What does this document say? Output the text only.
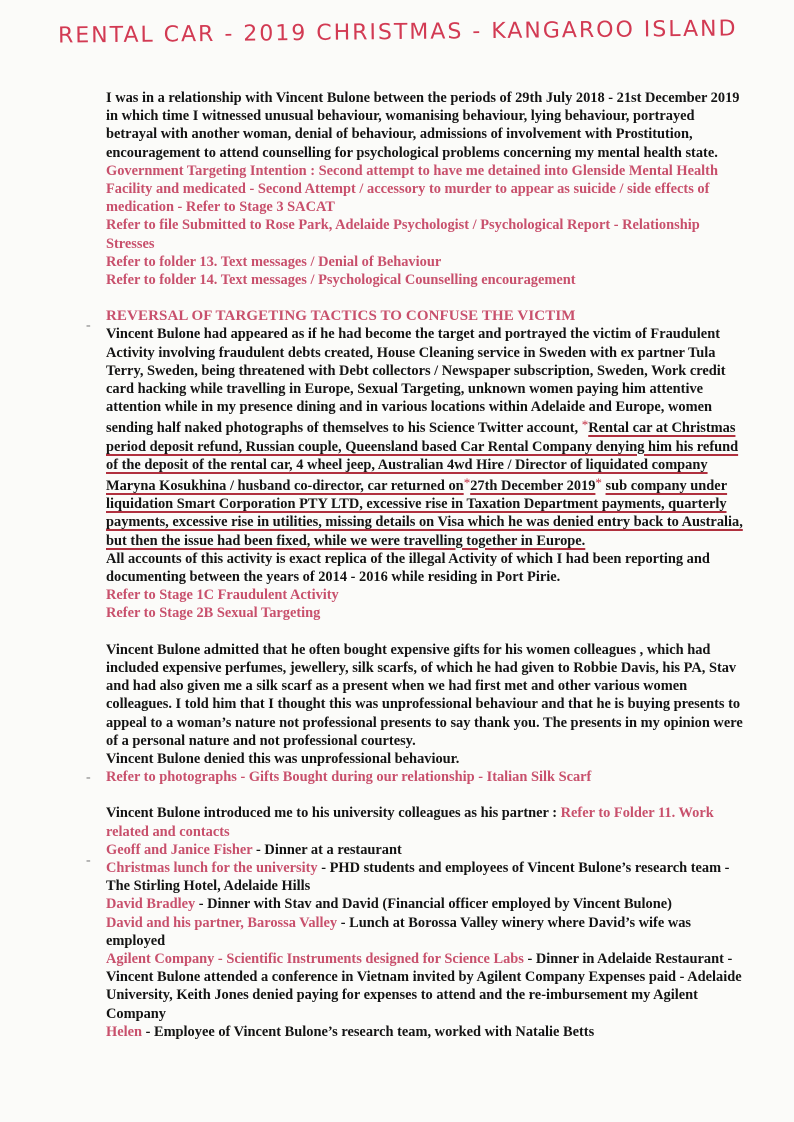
RENTAL CAR - 2019 CHRISTMAS - KANGAROO ISLAND
-
-
-

I was in a relationship with Vincent Bulone between the periods of 29th July 2018 - 21st December 2019 in which time I witnessed unusual behaviour, womanising behaviour, lying behaviour, portrayed betrayal with another woman, denial of behaviour, admissions of involvement with Prostitution, encouragement to attend counselling for psychological problems concerning my mental health state.

Government Targeting Intention : Second attempt to have me detained into Glenside Mental Health Facility and medicated - Second Attempt / accessory to murder to appear as suicide / side effects of medication - Refer to Stage 3 SACAT

Refer to file Submitted to Rose Park, Adelaide Psychologist / Psychological Report - Relationship Stresses

Refer to folder 13. Text messages / Denial of Behaviour

Refer to folder 14. Text messages / Psychological Counselling encouragement

REVERSAL OF TARGETING TACTICS TO CONFUSE THE VICTIM

Vincent Bulone had appeared as if he had become the target and portrayed the victim of Fraudulent Activity involving fraudulent debts created, House Cleaning service in Sweden with ex partner Tula Terry, Sweden, being threatened with Debt collectors / Newspaper subscription, Sweden, Work credit card hacking while travelling in Europe, Sexual Targeting, unknown women paying him attentive attention while in my presence dining and in various locations within Adelaide and Europe, women sending half naked photographs of themselves to his Science Twitter account, *Rental car at Christmas period deposit refund, Russian couple, Queensland based Car Rental Company denying him his refund of the deposit of the rental car, 4 wheel jeep, Australian 4wd Hire / Director of liquidated company Maryna Kosukhina / husband co-director, car returned on*27th December 2019* sub company under liquidation Smart Corporation PTY LTD, excessive rise in Taxation Department payments, quarterly payments, excessive rise in utilities, missing details on Visa which he was denied entry back to Australia, but then the issue had been fixed, while we were travelling together in Europe.

All accounts of this activity is exact replica of the illegal Activity of which I had been reporting and documenting between the years of 2014 - 2016 while residing in Port Pirie.

Refer to Stage 1C Fraudulent Activity

Refer to Stage 2B Sexual Targeting

Vincent Bulone admitted that he often bought expensive gifts for his women colleagues , which had included expensive perfumes, jewellery, silk scarfs, of which he had given to Robbie Davis, his PA, Stav and had also given me a silk scarf as a present when we had first met and other various women colleagues. I told him that I thought this was unprofessional behaviour and that he is buying presents to appeal to a woman’s nature not professional presents to say thank you. The presents in my opinion were of a personal nature and not professional courtesy.

Vincent Bulone denied this was unprofessional behaviour.

Refer to photographs - Gifts Bought during our relationship - Italian Silk Scarf

Vincent Bulone introduced me to his university colleagues as his partner : Refer to Folder 11. Work related and contacts

Geoff and Janice Fisher - Dinner at a restaurant

Christmas lunch for the university - PHD students and employees of Vincent Bulone’s research team - The Stirling Hotel, Adelaide Hills

David Bradley - Dinner with Stav and David (Financial officer employed by Vincent Bulone)

David and his partner, Barossa Valley - Lunch at Borossa Valley winery where David’s wife was employed

Agilent Company - Scientific Instruments designed for Science Labs - Dinner in Adelaide Restaurant - Vincent Bulone attended a conference in Vietnam invited by Agilent Company Expenses paid - Adelaide University, Keith Jones denied paying for expenses to attend and the re-imbursement my Agilent Company

Helen - Employee of Vincent Bulone’s research team, worked with Natalie Betts
